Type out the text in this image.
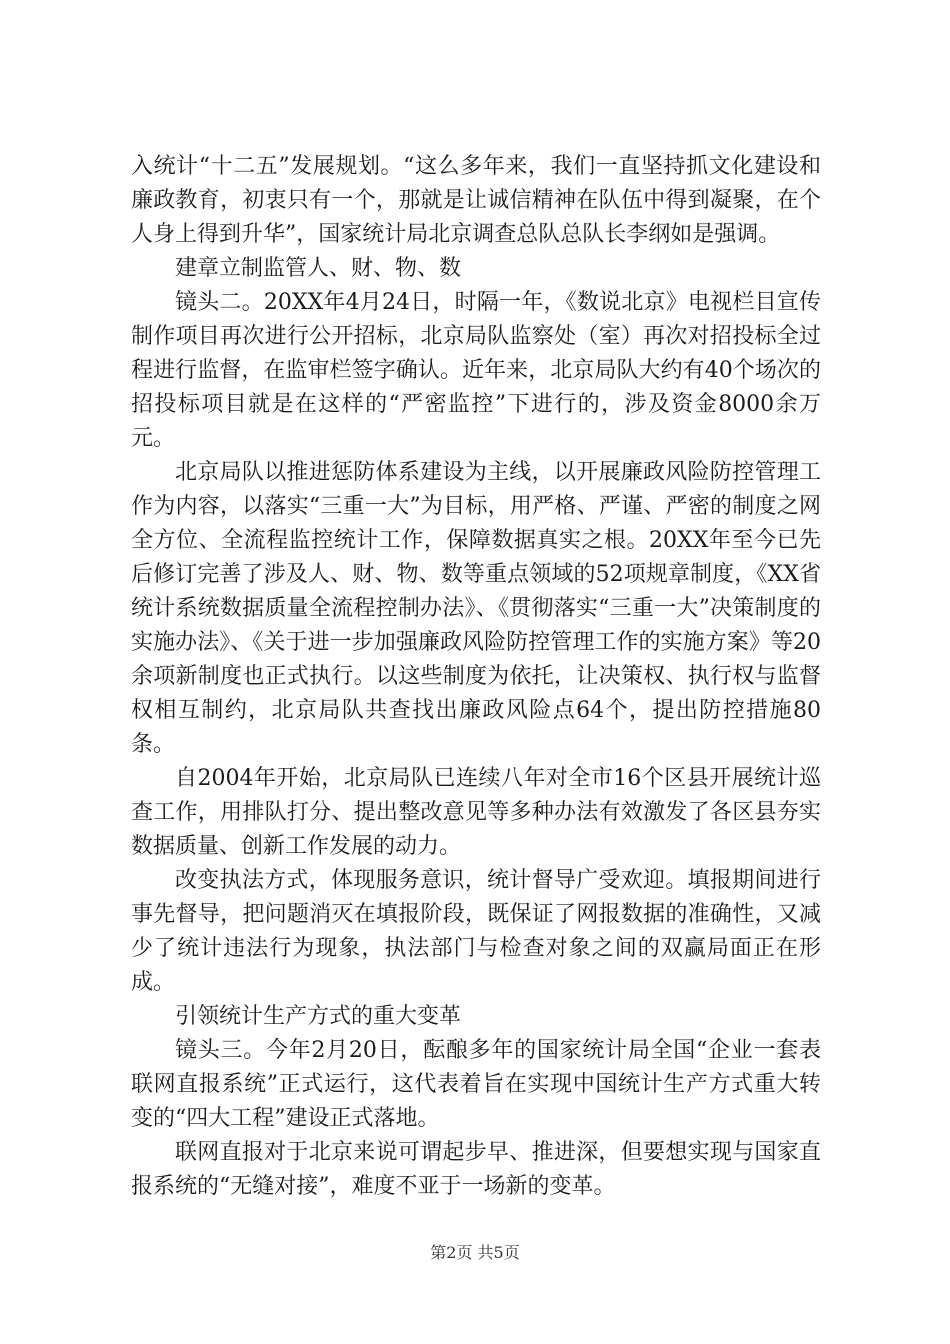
入统计“十二五”发展规划。“这么多年来，我们一直坚持抓文化建设和廉政教育，初衷只有一个，那就是让诚信精神在队伍中得到凝聚，在个人身上得到升华”，国家统计局北京调查总队总队长李纲如是强调。

建章立制监管人、财、物、数

镜头二。20XX年4月24日，时隔一年，《数说北京》电视栏目宣传制作项目再次进行公开招标，北京局队监察处（室）再次对招投标全过程进行监督，在监审栏签字确认。近年来，北京局队大约有40个场次的招投标项目就是在这样的“严密监控”下进行的，涉及资金8000余万元。

北京局队以推进惩防体系建设为主线，以开展廉政风险防控管理工作为内容，以落实“三重一大”为目标，用严格、严谨、严密的制度之网全方位、全流程监控统计工作，保障数据真实之根。20XX年至今已先后修订完善了涉及人、财、物、数等重点领域的52项规章制度，《XX省统计系统数据质量全流程控制办法》、《贯彻落实“三重一大”决策制度的实施办法》、《关于进一步加强廉政风险防控管理工作的实施方案》等20余项新制度也正式执行。以这些制度为依托，让决策权、执行权与监督权相互制约，北京局队共查找出廉政风险点64个，提出防控措施80条。

自2004年开始，北京局队已连续八年对全市16个区县开展统计巡查工作，用排队打分、提出整改意见等多种办法有效激发了各区县夯实数据质量、创新工作发展的动力。

改变执法方式，体现服务意识，统计督导广受欢迎。填报期间进行事先督导，把问题消灭在填报阶段，既保证了网报数据的准确性，又减少了统计违法行为现象，执法部门与检查对象之间的双赢局面正在形成。

引领统计生产方式的重大变革

镜头三。今年2月20日，酝酿多年的国家统计局全国“企业一套表联网直报系统”正式运行，这代表着旨在实现中国统计生产方式重大转变的“四大工程”建设正式落地。

联网直报对于北京来说可谓起步早、推进深，但要想实现与国家直报系统的“无缝对接”，难度不亚于一场新的变革。

第2页 共5页
